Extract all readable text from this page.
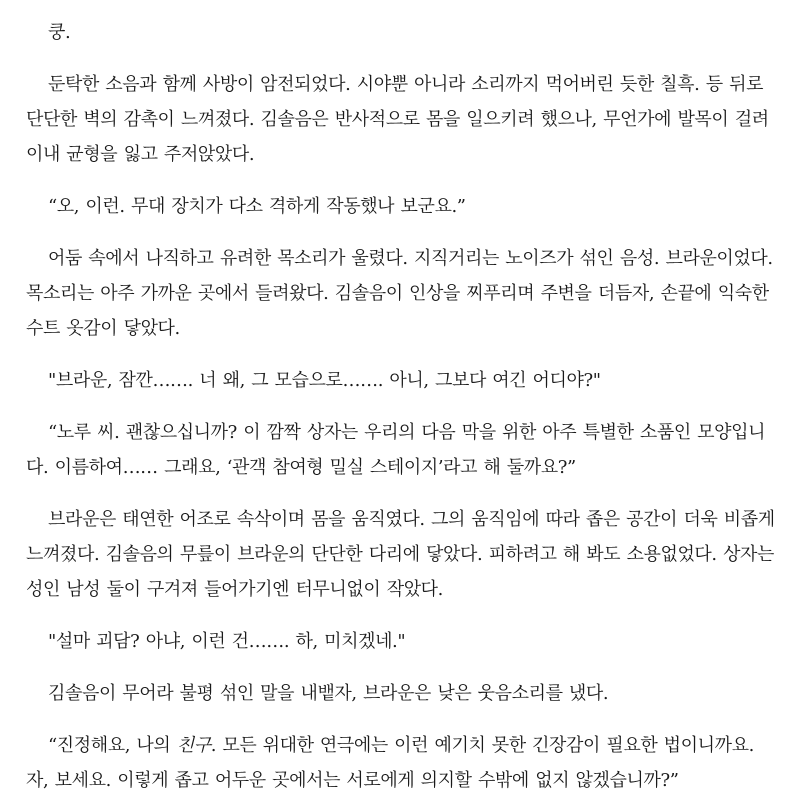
쿵.

둔탁한 소음과 함께 사방이 암전되었다. 시야뿐 아니라 소리까지 먹어버린 듯한 칠흑. 등 뒤로 단단한 벽의 감촉이 느껴졌다. 김솔음은 반사적으로 몸을 일으키려 했으나, 무언가에 발목이 걸려 이내 균형을 잃고 주저앉았다.

“오, 이런. 무대 장치가 다소 격하게 작동했나 보군요.”

어둠 속에서 나직하고 유려한 목소리가 울렸다. 지직거리는 노이즈가 섞인 음성. 브라운이었다. 목소리는 아주 가까운 곳에서 들려왔다. 김솔음이 인상을 찌푸리며 주변을 더듬자, 손끝에 익숙한 수트 옷감이 닿았다.

"브라운, 잠깐……. 너 왜, 그 모습으로……. 아니, 그보다 여긴 어디야?"

“노루 씨. 괜찮으십니까? 이 깜짝 상자는 우리의 다음 막을 위한 아주 특별한 소품인 모양입니다. 이름하여…… 그래요, ‘관객 참여형 밀실 스테이지’라고 해 둘까요?”

브라운은 태연한 어조로 속삭이며 몸을 움직였다. 그의 움직임에 따라 좁은 공간이 더욱 비좁게 느껴졌다. 김솔음의 무릎이 브라운의 단단한 다리에 닿았다. 피하려고 해 봐도 소용없었다. 상자는 성인 남성 둘이 구겨져 들어가기엔 터무니없이 작았다.

"설마 괴담? 아냐, 이런 건……. 하, 미치겠네."

김솔음이 무어라 불평 섞인 말을 내뱉자, 브라운은 낮은 웃음소리를 냈다.

“진정해요, 나의 친구. 모든 위대한 연극에는 이런 예기치 못한 긴장감이 필요한 법이니까요. 자, 보세요. 이렇게 좁고 어두운 곳에서는 서로에게 의지할 수밖에 없지 않겠습니까?”
